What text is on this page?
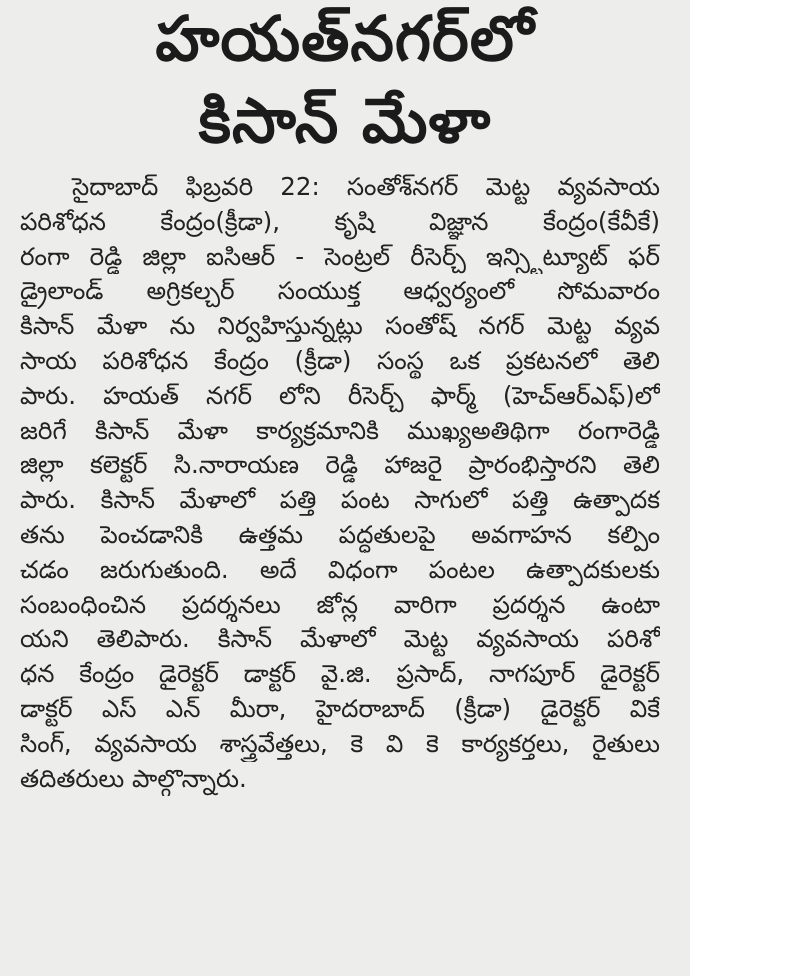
హయత్‌నగర్‌లో
కిసాన్ మేళా
సైదాబాద్ ఫిబ్రవరి 22: సంతోశ్‌నగర్ మెట్ట వ్యవసాయ
పరిశోధన కేంద్రం(క్రీడా), కృషి విజ్ఞాన కేంద్రం(కేవీకే)
రంగా రెడ్డి జిల్లా ఐసిఆర్ - సెంట్రల్ రీసెర్చ్ ఇన్స్టిట్యూట్ ఫర్
డ్రైలాండ్ అగ్రికల్చర్ సంయుక్త ఆధ్వర్యంలో సోమవారం
కిసాన్ మేళా ను నిర్వహిస్తున్నట్లు సంతోష్ నగర్ మెట్ట వ్యవ
సాయ పరిశోధన కేంద్రం (క్రీడా) సంస్థ ఒక ప్రకటనలో తెలి
పారు. హయత్ నగర్ లోని రీసెర్చ్ ఫార్మ్ (హెచ్‌ఆర్‌ఎఫ్)లో
జరిగే కిసాన్ మేళా కార్యక్రమానికి ముఖ్యఅతిథిగా రంగారెడ్డి
జిల్లా కలెక్టర్ సి.నారాయణ రెడ్డి హాజరై ప్రారంభిస్తారని తెలి
పారు. కిసాన్ మేళాలో పత్తి పంట సాగులో పత్తి ఉత్పాదక
తను పెంచడానికి ఉత్తమ పద్ధతులపై అవగాహన కల్పిం
చడం జరుగుతుంది. అదే విధంగా పంటల ఉత్పాదకులకు
సంబంధించిన ప్రదర్శనలు జోన్ల వారిగా ప్రదర్శన ఉంటా
యని తెలిపారు. కిసాన్ మేళాలో మెట్ట వ్యవసాయ పరిశో
ధన కేంద్రం డైరెక్టర్ డాక్టర్ వై.జి. ప్రసాద్, నాగపూర్ డైరెక్టర్
డాక్టర్ ఎస్ ఎన్ మీరా, హైదరాబాద్ (క్రీడా) డైరెక్టర్ వికే
సింగ్, వ్యవసాయ శాస్త్రవేత్తలు, కె వి కె కార్యకర్తలు, రైతులు
తదితరులు పాల్గొన్నారు.
